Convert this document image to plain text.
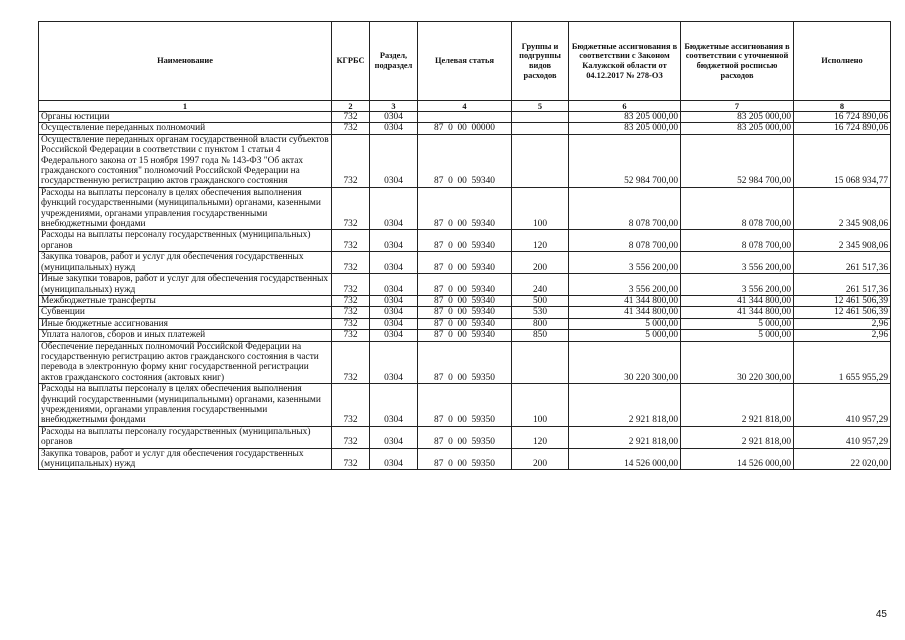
Наименование	КГРБС	Раздел, подраздел	Целевая статья	Группы и подгруппы видов расходов	Бюджетные ассигнования в соответствии с Законом Калужской области от 04.12.2017 № 278-ОЗ	Бюджетные ассигнования в соответствии с уточненной бюджетной росписью расходов	Исполнено
1	2	3	4	5	6	7	8
Органы юстиции	732	0304			83 205 000,00	83 205 000,00	16 724 890,06
Осуществление переданных полномочий	732	0304	87  0  00  00000		83 205 000,00	83 205 000,00	16 724 890,06
Осуществление переданных органам государственной власти субъектов Российской Федерации в соответствии с пунктом 1 статьи 4 Федерального закона от 15 ноября 1997 года № 143-ФЗ "Об актах гражданского состояния" полномочий Российской Федерации на государственную регистрацию актов гражданского состояния	732	0304	87  0  00  59340		52 984 700,00	52 984 700,00	15 068 934,77
Расходы на выплаты персоналу в целях обеспечения выполнения функций государственными (муниципальными) органами, казенными учреждениями, органами управления государственными внебюджетными фондами	732	0304	87  0  00  59340	100	8 078 700,00	8 078 700,00	2 345 908,06
Расходы на выплаты персоналу государственных (муниципальных) органов	732	0304	87  0  00  59340	120	8 078 700,00	8 078 700,00	2 345 908,06
Закупка товаров, работ и услуг для обеспечения государственных (муниципальных) нужд	732	0304	87  0  00  59340	200	3 556 200,00	3 556 200,00	261 517,36
Иные закупки товаров, работ и услуг для обеспечения государственных (муниципальных) нужд	732	0304	87  0  00  59340	240	3 556 200,00	3 556 200,00	261 517,36
Межбюджетные трансферты	732	0304	87  0  00  59340	500	41 344 800,00	41 344 800,00	12 461 506,39
Субвенции	732	0304	87  0  00  59340	530	41 344 800,00	41 344 800,00	12 461 506,39
Иные бюджетные ассигнования	732	0304	87  0  00  59340	800	5 000,00	5 000,00	2,96
Уплата налогов, сборов и иных платежей	732	0304	87  0  00  59340	850	5 000,00	5 000,00	2,96
Обеспечение переданных полномочий Российской Федерации на государственную регистрацию актов гражданского состояния в части перевода в электронную форму книг государственной регистрации актов гражданского состояния (актовых книг)	732	0304	87  0  00  59350		30 220 300,00	30 220 300,00	1 655 955,29
Расходы на выплаты персоналу в целях обеспечения выполнения функций государственными (муниципальными) органами, казенными учреждениями, органами управления государственными внебюджетными фондами	732	0304	87  0  00  59350	100	2 921 818,00	2 921 818,00	410 957,29
Расходы на выплаты персоналу государственных (муниципальных) органов	732	0304	87  0  00  59350	120	2 921 818,00	2 921 818,00	410 957,29
Закупка товаров, работ и услуг для обеспечения государственных (муниципальных) нужд	732	0304	87  0  00  59350	200	14 526 000,00	14 526 000,00	22 020,00
45
